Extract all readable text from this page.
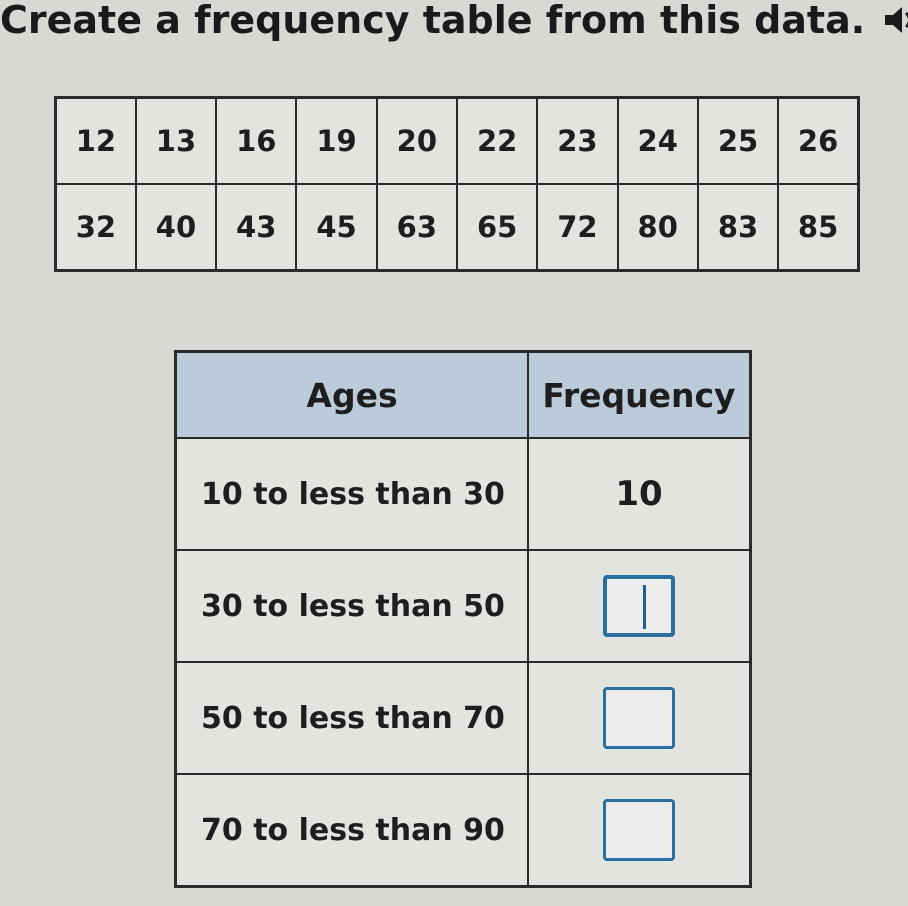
Create a frequency table from this data.
12	13	16	19	20	22	23	24	25	26
32	40	43	45	63	65	72	80	83	85
Ages	Frequency
10 to less than 30	10
30 to less than 50	

50 to less than 70	
70 to less than 90	
